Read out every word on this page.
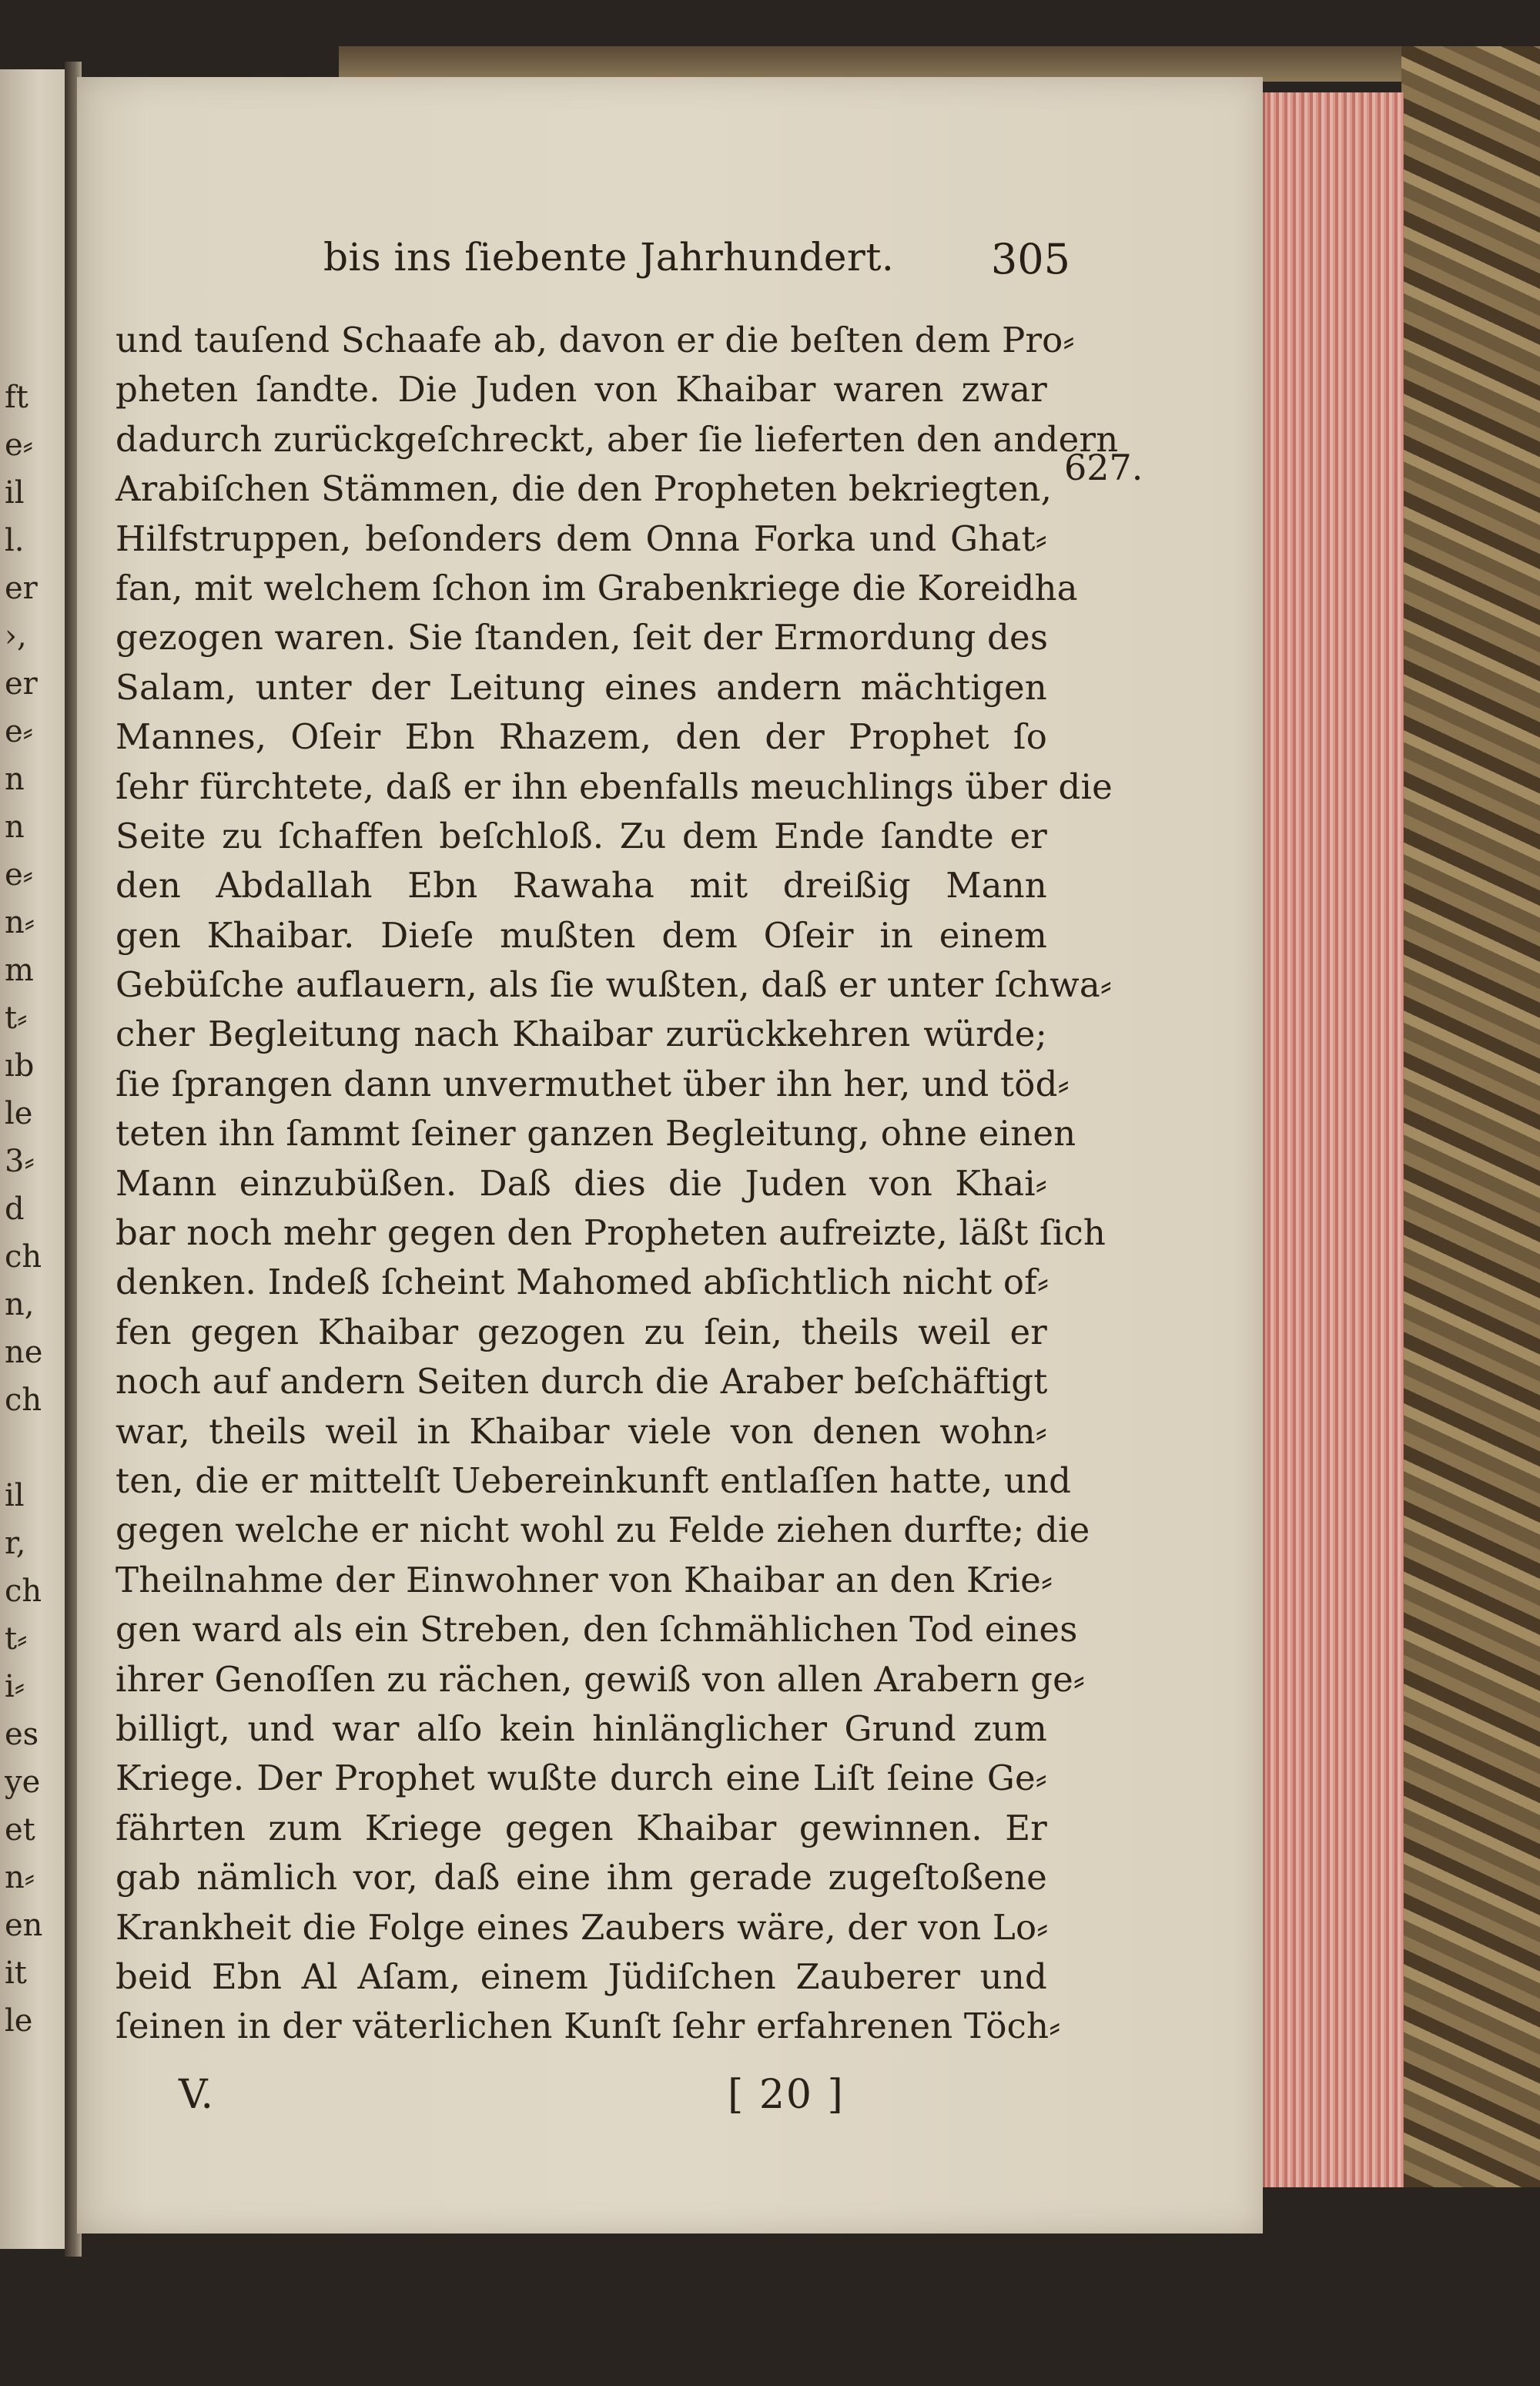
ft
e⸗
il
l.
er
›,
er
e⸗
n
n
e⸗
n⸗
m
t⸗
ıb
le
3⸗
d
ch
n,
ne
ch
il
r,
ch
t⸗
i⸗
es
ye
et
n⸗
en
it
le
bis ins ſiebente Jahrhundert. 305
627.
und tauſend Schaafe ab, davon er die beſten dem Pro⸗
pheten ſandte. Die Juden von Khaibar waren zwar
dadurch zurückgeſchreckt, aber ſie lieferten den andern
Arabiſchen Stämmen, die den Propheten bekriegten,
Hilfstruppen, beſonders dem Onna Forka und Ghat⸗
fan, mit welchem ſchon im Grabenkriege die Koreidha
gezogen waren. Sie ſtanden, ſeit der Ermordung des
Salam, unter der Leitung eines andern mächtigen
Mannes, Oſeir Ebn Rhazem, den der Prophet ſo
ſehr fürchtete, daß er ihn ebenfalls meuchlings über die
Seite zu ſchaffen beſchloß. Zu dem Ende ſandte er
den Abdallah Ebn Rawaha mit dreißig Mann
gen Khaibar. Dieſe mußten dem Oſeir in einem
Gebüſche auflauern, als ſie wußten, daß er unter ſchwa⸗
cher Begleitung nach Khaibar zurückkehren würde;
ſie ſprangen dann unvermuthet über ihn her, und töd⸗
teten ihn ſammt ſeiner ganzen Begleitung, ohne einen
Mann einzubüßen. Daß dies die Juden von Khai⸗
bar noch mehr gegen den Propheten aufreizte, läßt ſich
denken. Indeß ſcheint Mahomed abſichtlich nicht of⸗
fen gegen Khaibar gezogen zu ſein, theils weil er
noch auf andern Seiten durch die Araber beſchäftigt
war, theils weil in Khaibar viele von denen wohn⸗
ten, die er mittelſt Uebereinkunft entlaſſen hatte, und
gegen welche er nicht wohl zu Felde ziehen durfte; die
Theilnahme der Einwohner von Khaibar an den Krie⸗
gen ward als ein Streben, den ſchmählichen Tod eines
ihrer Genoſſen zu rächen, gewiß von allen Arabern ge⸗
billigt, und war alſo kein hinlänglicher Grund zum
Kriege. Der Prophet wußte durch eine Liſt ſeine Ge⸗
fährten zum Kriege gegen Khaibar gewinnen. Er
gab nämlich vor, daß eine ihm gerade zugeſtoßene
Krankheit die Folge eines Zaubers wäre, der von Lo⸗
beid Ebn Al Aſam, einem Jüdiſchen Zauberer und
ſeinen in der väterlichen Kunſt ſehr erfahrenen Töch⸗
V.	[ 20 ]
